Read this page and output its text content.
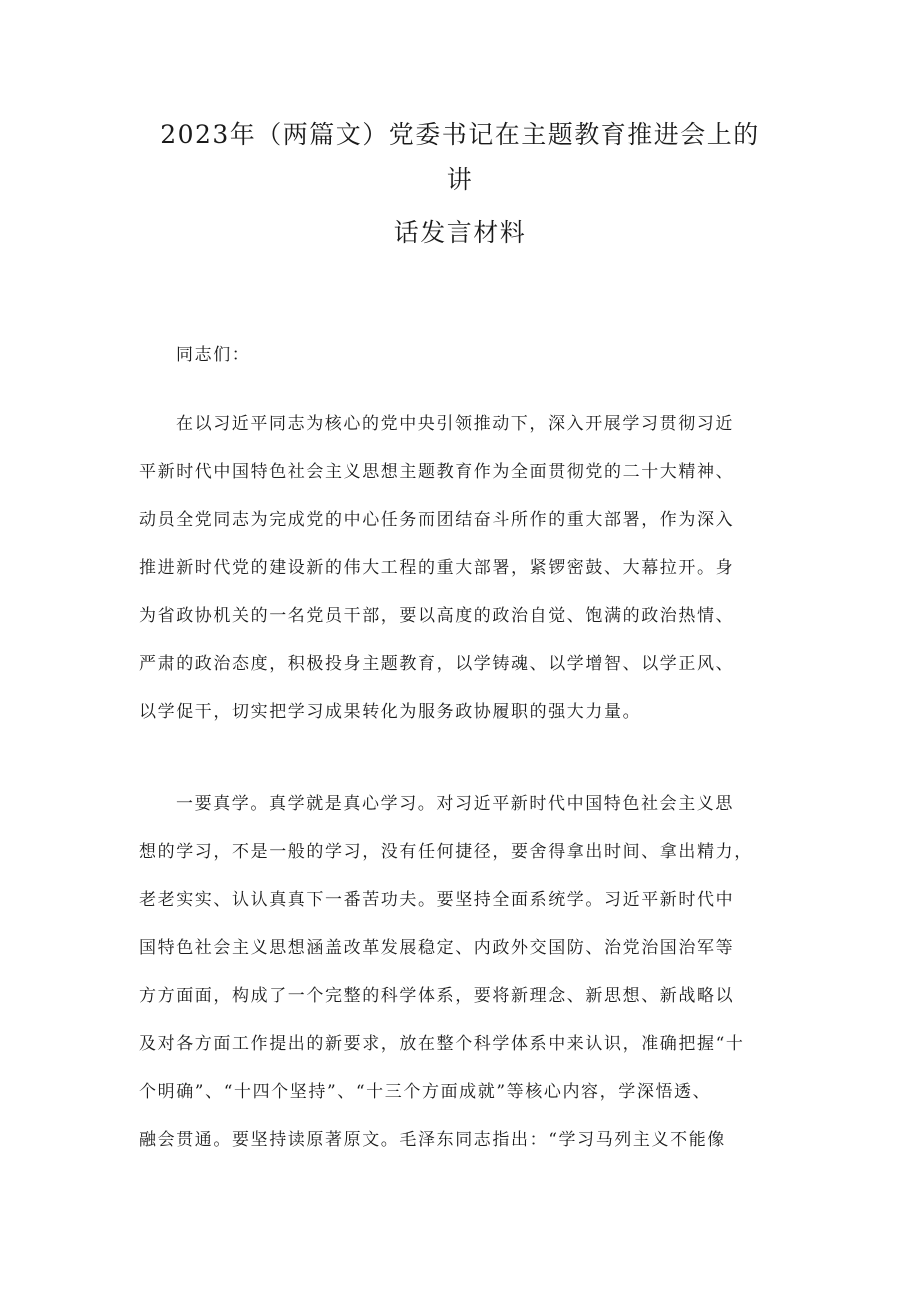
2023年（两篇文）党委书记在主题教育推进会上的
讲
话发言材料
同志们：
在以习近平同志为核心的党中央引领推动下，深入开展学习贯彻习近
平新时代中国特色社会主义思想主题教育作为全面贯彻党的二十大精神、
动员全党同志为完成党的中心任务而团结奋斗所作的重大部署，作为深入
推进新时代党的建设新的伟大工程的重大部署，紧锣密鼓、大幕拉开。身
为省政协机关的一名党员干部，要以高度的政治自觉、饱满的政治热情、
严肃的政治态度，积极投身主题教育，以学铸魂、以学增智、以学正风、
以学促干，切实把学习成果转化为服务政协履职的强大力量。
一要真学。真学就是真心学习。对习近平新时代中国特色社会主义思
想的学习，不是一般的学习，没有任何捷径，要舍得拿出时间、拿出精力，
老老实实、认认真真下一番苦功夫。要坚持全面系统学。习近平新时代中
国特色社会主义思想涵盖改革发展稳定、内政外交国防、治党治国治军等
方方面面，构成了一个完整的科学体系，要将新理念、新思想、新战略以
及对各方面工作提出的新要求，放在整个科学体系中来认识，准确把握“十
个明确”、“十四个坚持”、“十三个方面成就”等核心内容，学深悟透、
融会贯通。要坚持读原著原文。毛泽东同志指出：“学习马列主义不能像
